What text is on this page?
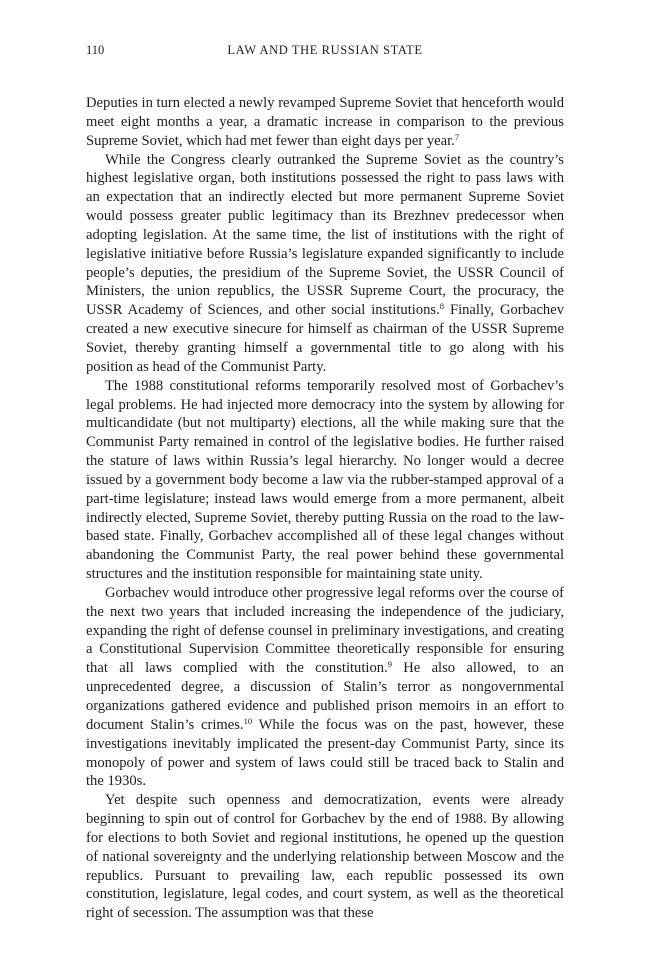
110	LAW AND THE RUSSIAN STATE

Deputies in turn elected a newly revamped Supreme Soviet that henceforth would meet eight months a year, a dramatic increase in comparison to the previous Supreme Soviet, which had met fewer than eight days per year.$^7$

While the Congress clearly outranked the Supreme Soviet as the country’s highest legislative organ, both institutions possessed the right to pass laws with an expectation that an indirectly elected but more permanent Supreme Soviet would possess greater public legitimacy than its Brezhnev predecessor when adopting legislation. At the same time, the list of institutions with the right of legislative initiative before Russia’s legislature expanded significantly to include people’s deputies, the presidium of the Supreme Soviet, the USSR Council of Ministers, the union republics, the USSR Supreme Court, the procuracy, the USSR Academy of Sciences, and other social institutions.$^8$ Finally, Gorbachev created a new executive sinecure for himself as chairman of the USSR Supreme Soviet, thereby granting himself a governmental title to go along with his position as head of the Communist Party.

The 1988 constitutional reforms temporarily resolved most of Gorbachev’s legal problems. He had injected more democracy into the system by allowing for multicandidate (but not multiparty) elections, all the while making sure that the Communist Party remained in control of the legislative bodies. He further raised the stature of laws within Russia’s legal hierarchy. No longer would a decree issued by a government body become a law via the rubber-stamped approval of a part-time legislature; instead laws would emerge from a more permanent, albeit indirectly elected, Supreme Soviet, thereby putting Russia on the road to the law-based state. Finally, Gorbachev accomplished all of these legal changes without abandoning the Communist Party, the real power behind these governmental structures and the institution responsible for maintaining state unity.

Gorbachev would introduce other progressive legal reforms over the course of the next two years that included increasing the independence of the judiciary, expanding the right of defense counsel in preliminary investigations, and creating a Constitutional Supervision Committee theoretically responsible for ensuring that all laws complied with the constitution.$^9$ He also allowed, to an unprecedented degree, a discussion of Stalin’s terror as nongovernmental organizations gathered evidence and published prison memoirs in an effort to document Stalin’s crimes.$^{10}$ While the focus was on the past, however, these investigations inevitably implicated the present-day Communist Party, since its monopoly of power and system of laws could still be traced back to Stalin and the 1930s.

Yet despite such openness and democratization, events were already beginning to spin out of control for Gorbachev by the end of 1988. By allowing for elections to both Soviet and regional institutions, he opened up the question of national sovereignty and the underlying relationship between Moscow and the republics. Pursuant to prevailing law, each republic possessed its own constitution, legislature, legal codes, and court system, as well as the theoretical right of secession. The assumption was that these
